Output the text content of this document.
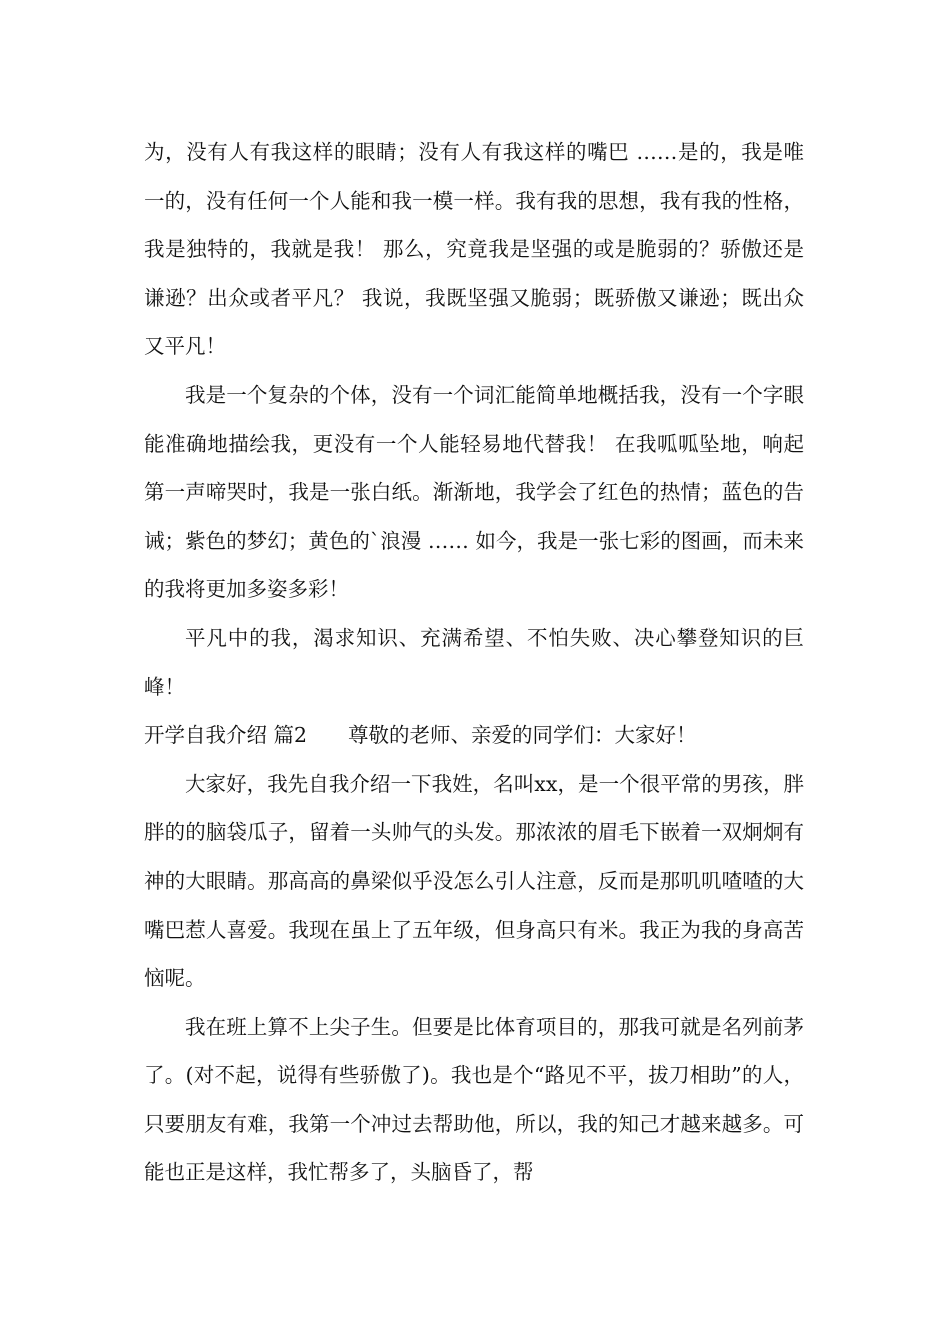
为，没有人有我这样的眼睛；没有人有我这样的嘴巴 ……是的，我是唯一的，没有任何一个人能和我一模一样。我有我的思想，我有我的性格，我是独特的，我就是我！ 那么，究竟我是坚强的或是脆弱的？骄傲还是谦逊？出众或者平凡？ 我说，我既坚强又脆弱；既骄傲又谦逊；既出众又平凡！

我是一个复杂的个体，没有一个词汇能简单地概括我，没有一个字眼能准确地描绘我，更没有一个人能轻易地代替我！ 在我呱呱坠地，响起第一声啼哭时，我是一张白纸。渐渐地，我学会了红色的热情；蓝色的告诫；紫色的梦幻；黄色的`浪漫 …… 如今，我是一张七彩的图画，而未来的我将更加多姿多彩！

平凡中的我，渴求知识、充满希望、不怕失败、决心攀登知识的巨峰！

开学自我介绍 篇2　　尊敬的老师、亲爱的同学们：大家好！

大家好，我先自我介绍一下我姓，名叫xx，是一个很平常的男孩，胖胖的的脑袋瓜子，留着一头帅气的头发。那浓浓的眉毛下嵌着一双炯炯有神的大眼睛。那高高的鼻梁似乎没怎么引人注意，反而是那叽叽喳喳的大嘴巴惹人喜爱。我现在虽上了五年级，但身高只有米。我正为我的身高苦恼呢。

我在班上算不上尖子生。但要是比体育项目的，那我可就是名列前茅了。(对不起，说得有些骄傲了)。我也是个“路见不平，拔刀相助”的人，只要朋友有难，我第一个冲过去帮助他，所以，我的知己才越来越多。可能也正是这样，我忙帮多了，头脑昏了，帮
